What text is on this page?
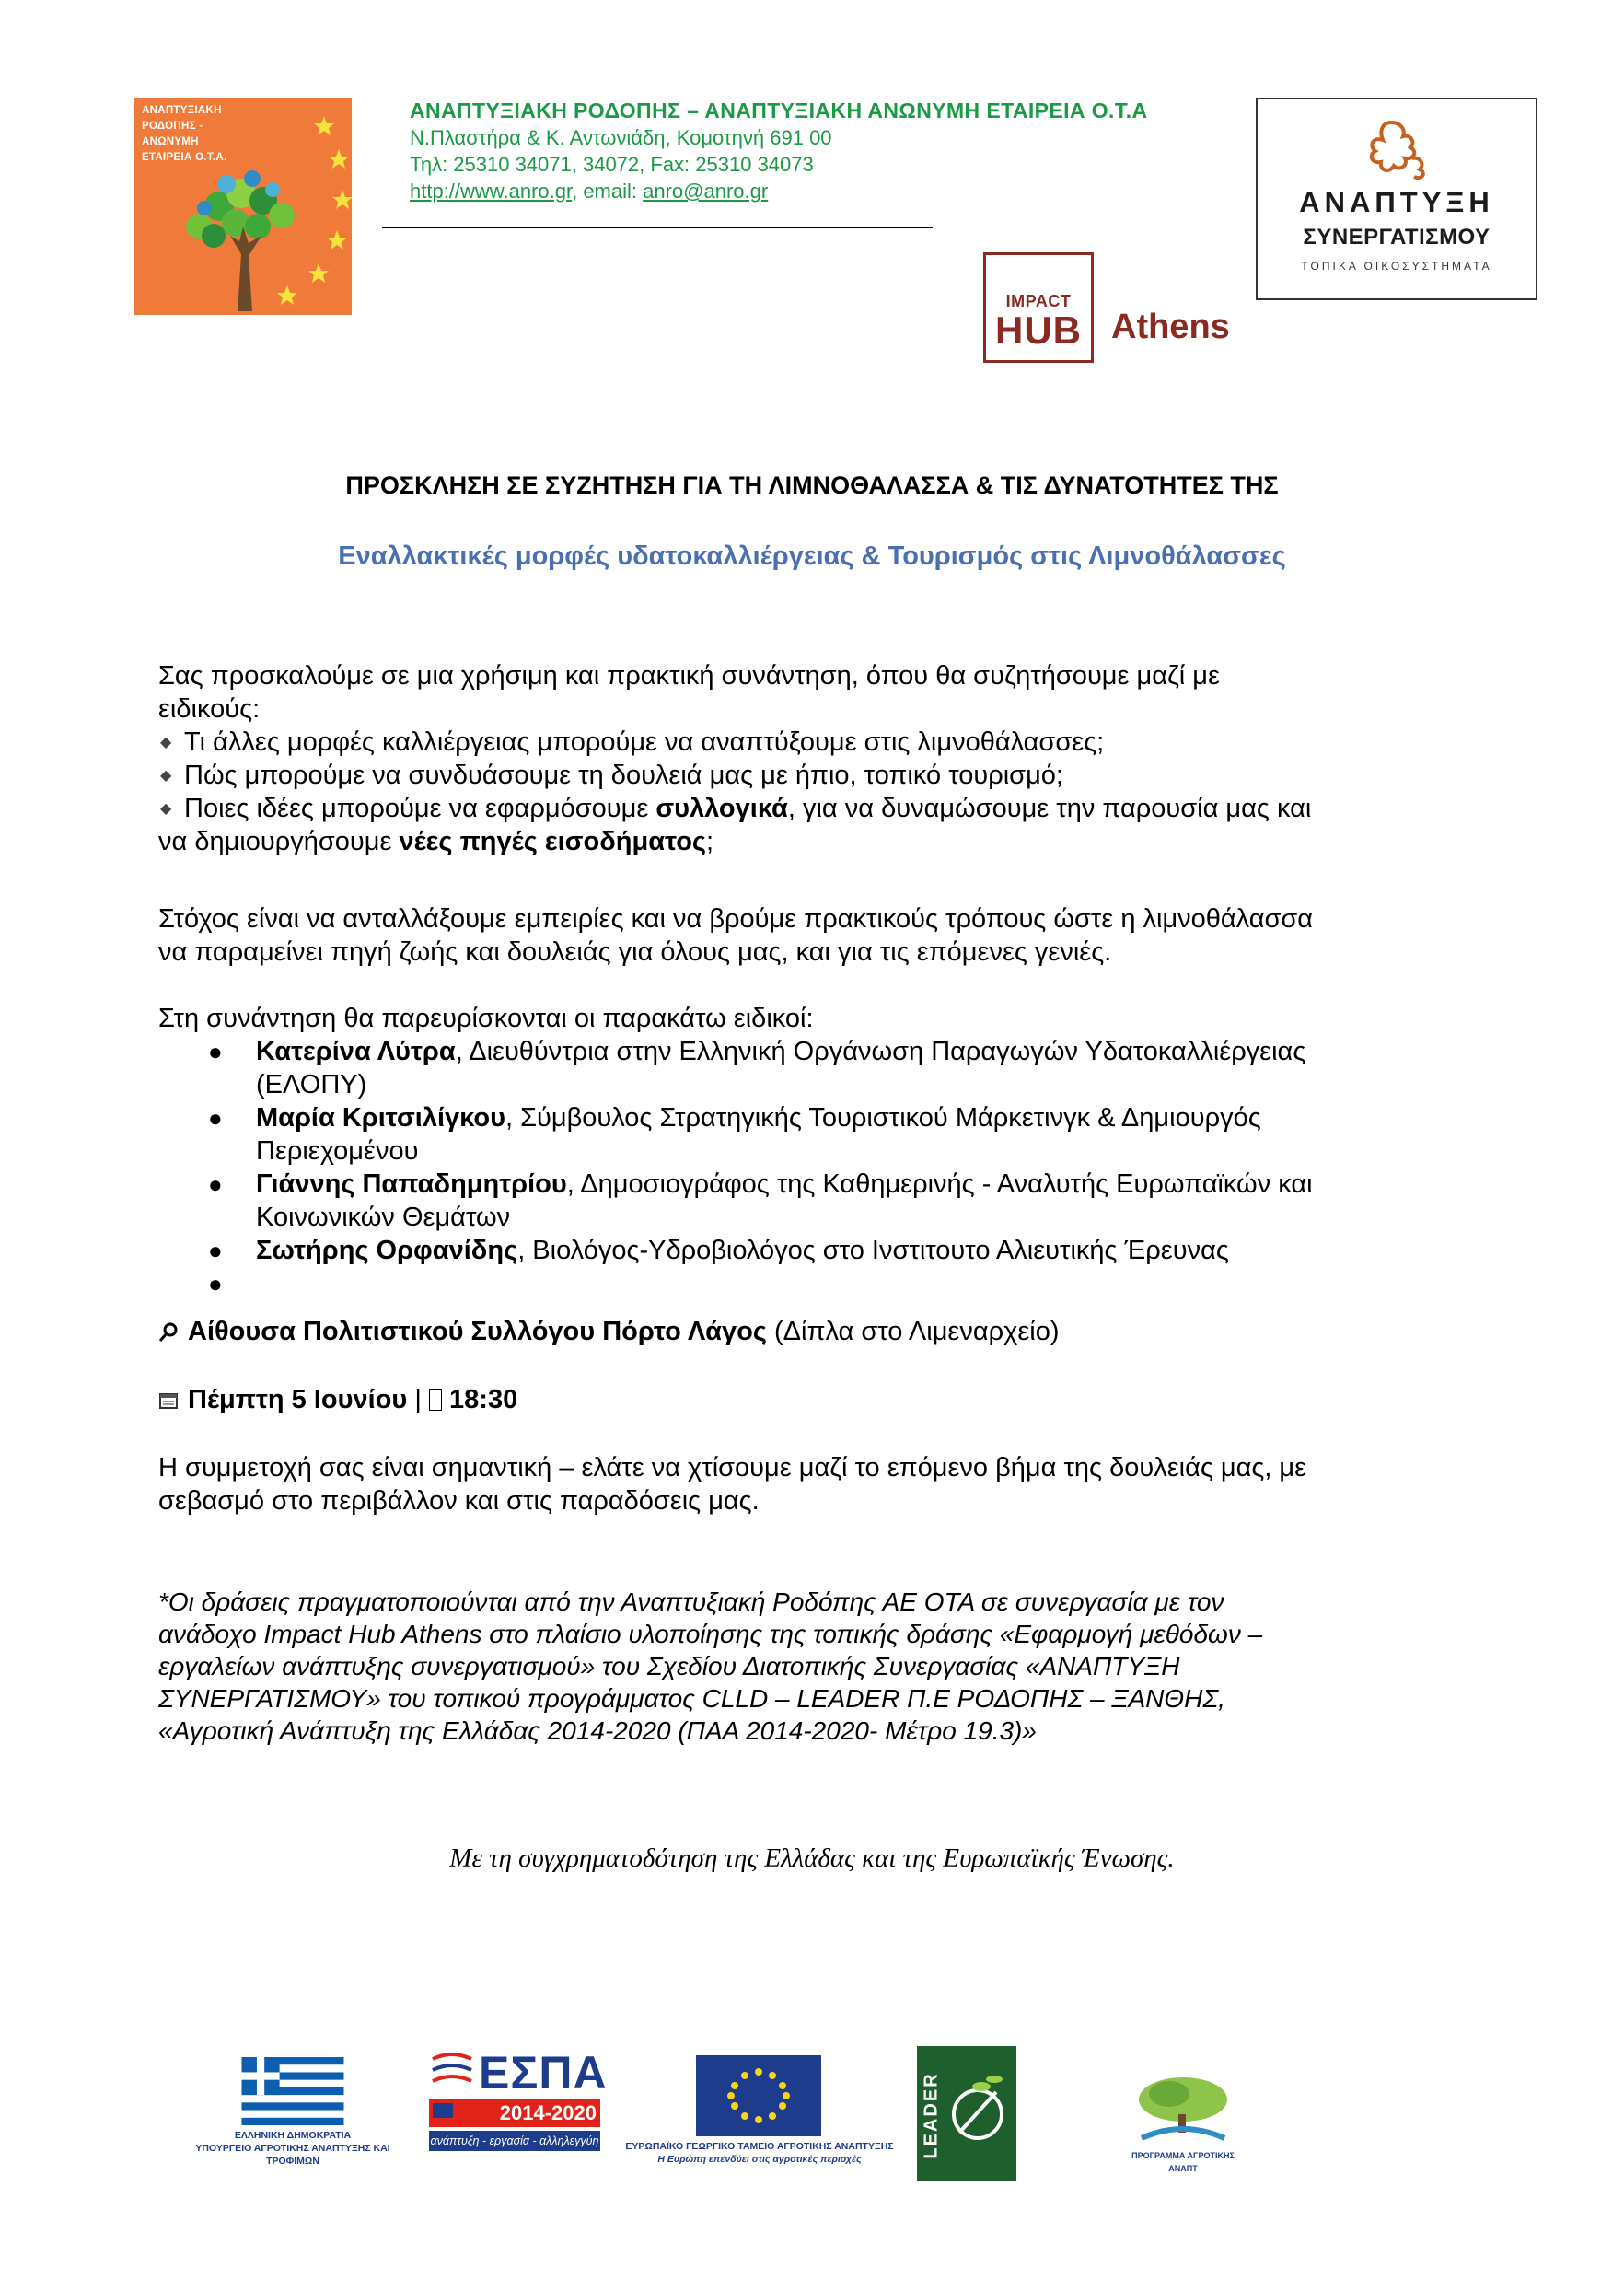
ΑΝΑΠΤΥΞΙΑΚΗ ΡΟΔΟΠΗΣ - ΑΝΩΝΥΜΗ ΕΤΑΙΡΕΙΑ Ο.Τ.Α.
ΑΝΑΠΤΥΞΙΑΚΗ ΡΟΔΟΠΗΣ – ΑΝΑΠΤΥΞΙΑΚΗ ΑΝΩΝΥΜΗ ΕΤΑΙΡΕΙΑ Ο.Τ.Α
Ν.Πλαστήρα & Κ. Αντωνιάδη, Κομοτηνή 691 00
Τηλ: 25310 34071, 34072, Fax: 25310 34073
http://www.anro.gr, email: anro@anro.gr	ΑΝΑΠΤΥΞΗ
ΣΥΝΕΡΓΑΤΙΣΜΟΥ
ΤΟΠΙΚΑ ΟΙΚΟΣΥΣΤΗΜΑΤΑ
IMPACT
HUB Athens
ΠΡΟΣΚΛΗΣΗ ΣΕ ΣΥΖΗΤΗΣΗ ΓΙΑ ΤΗ ΛΙΜΝΟΘΑΛΑΣΣΑ & ΤΙΣ ΔΥΝΑΤΟΤΗΤΕΣ ΤΗΣ
Εναλλακτικές μορφές υδατοκαλλιέργειας & Τουρισμός στις Λιμνοθάλασσες
Σας προσκαλούμε σε μια χρήσιμη και πρακτική συνάντηση, όπου θα συζητήσουμε μαζί με
ειδικούς:
◆ Τι άλλες μορφές καλλιέργειας μπορούμε να αναπτύξουμε στις λιμνοθάλασσες;
◆ Πώς μπορούμε να συνδυάσουμε τη δουλειά μας με ήπιο, τοπικό τουρισμό;
◆ Ποιες ιδέες μπορούμε να εφαρμόσουμε συλλογικά, για να δυναμώσουμε την παρουσία μας και
να δημιουργήσουμε νέες πηγές εισοδήματος;
Στόχος είναι να ανταλλάξουμε εμπειρίες και να βρούμε πρακτικούς τρόπους ώστε η λιμνοθάλασσα
να παραμείνει πηγή ζωής και δουλειάς για όλους μας, και για τις επόμενες γενιές.
Στη συνάντηση θα παρευρίσκονται οι παρακάτω ειδικοί:
●	Κατερίνα Λύτρα, Διευθύντρια στην Ελληνική Οργάνωση Παραγωγών Υδατοκαλλιέργειας
(ΕΛΟΠΥ)
●	Μαρία Κριτσιλίγκου, Σύμβουλος Στρατηγικής Τουριστικού Μάρκετινγκ & Δημιουργός
Περιεχομένου
●	Γιάννης Παπαδημητρίου, Δημοσιογράφος της Καθημερινής - Αναλυτής Ευρωπαϊκών και
Κοινωνικών Θεμάτων
●	Σωτήρης Ορφανίδης, Βιολόγος-Υδροβιολόγος στο Ινστιτουτο Αλιευτικής Έρευνας
●
Αίθουσα Πολιτιστικού Συλλόγου Πόρτο Λάγος (Δίπλα στο Λιμεναρχείο)
Πέμπτη 5 Ιουνίου |  18:30
Η συμμετοχή σας είναι σημαντική – ελάτε να χτίσουμε μαζί το επόμενο βήμα της δουλειάς μας, με
σεβασμό στο περιβάλλον και στις παραδόσεις μας.
*Οι δράσεις πραγματοποιούνται από την Αναπτυξιακή Ροδόπης ΑΕ ΟΤΑ σε συνεργασία με τον
ανάδοχο Impact Hub Athens στο πλαίσιο υλοποίησης της τοπικής δράσης «Εφαρμογή μεθόδων –
εργαλείων ανάπτυξης συνεργατισμού» του Σχεδίου Διατοπικής Συνεργασίας «ΑΝΑΠΤΥΞΗ
ΣΥΝΕΡΓΑΤΙΣΜΟΥ» του τοπικού προγράμματος CLLD – LEADER Π.Ε ΡΟΔΟΠΗΣ – ΞΑΝΘΗΣ,
«Αγροτική Ανάπτυξη της Ελλάδας 2014-2020 (ΠΑΑ 2014-2020- Μέτρο 19.3)»
Με τη συγχρηματοδότηση της Ελλάδας και της Ευρωπαϊκής Ένωσης.
ΕΛΛΗΝΙΚΗ ΔΗΜΟΚΡΑΤΙΑ
ΥΠΟΥΡΓΕΙΟ ΑΓΡΟΤΙΚΗΣ ΑΝΑΠΤΥΞΗΣ ΚΑΙ ΤΡΟΦΙΜΩΝ
ΕΣΠΑ
2014-2020
ανάπτυξη - εργασία - αλληλεγγύη	ΕΥΡΩΠΑΪΚΟ ΓΕΩΡΓΙΚΟ ΤΑΜΕΙΟ ΑΓΡΟΤΙΚΗΣ ΑΝΑΠΤΥΞΗΣ
Η Ευρώπη επενδύει στις αγροτικές περιοχές
LEADER	ΠΡΟΓΡΑΜΜΑ ΑΓΡΟΤΙΚΗΣ ΑΝΑΠΤ
